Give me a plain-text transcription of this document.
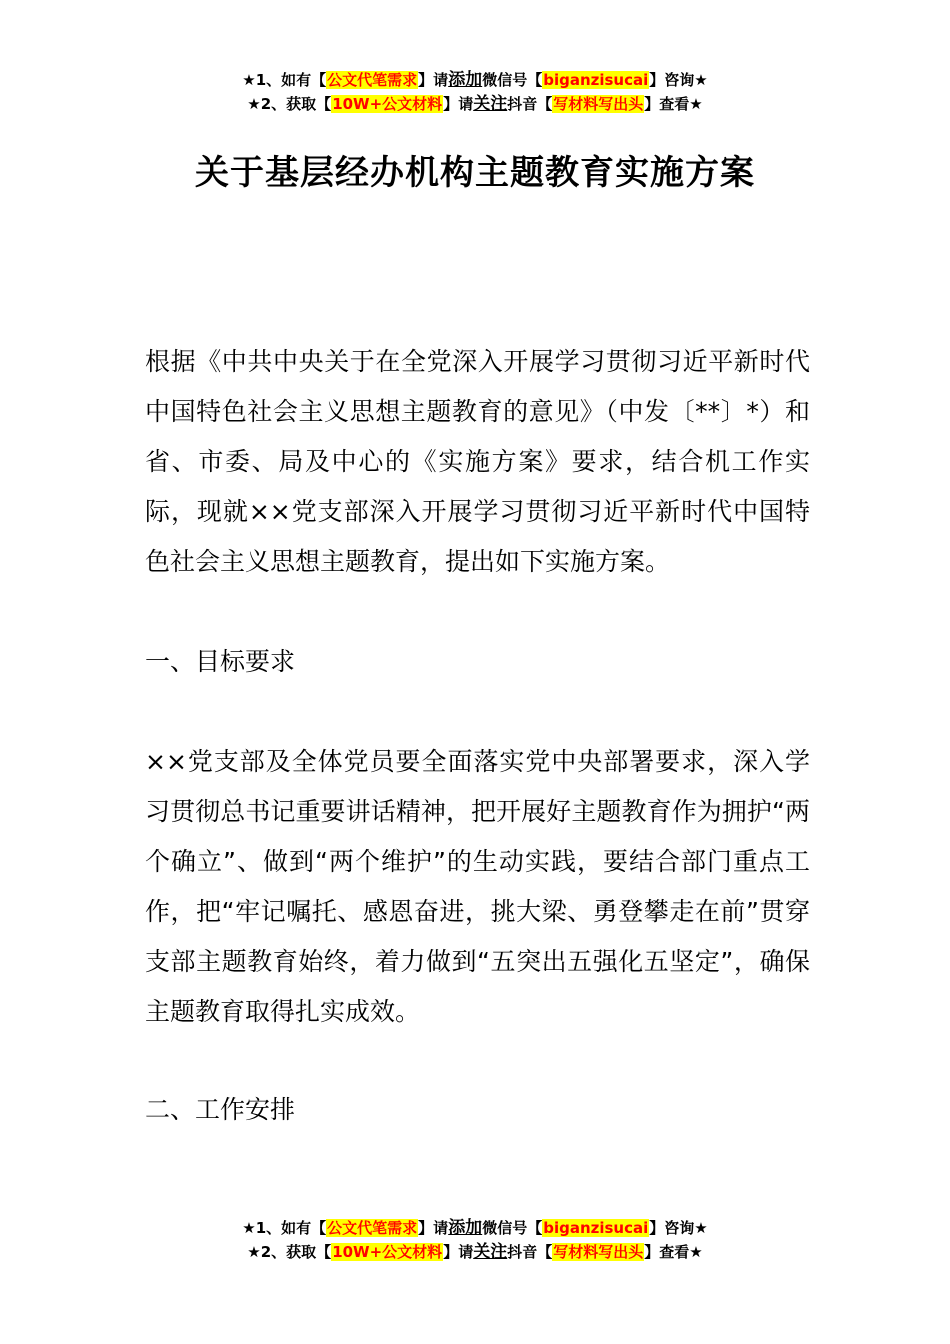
★1、如有【公文代笔需求】请添加微信号【biganzisucai】咨询★
★2、获取【10W+公文材料】请关注抖音【写材料写出头】查看★
关于基层经办机构主题教育实施方案
根据《中共中央关于在全党深入开展学习贯彻习近平新时代中国特色社会主义思想主题教育的意见》（中发〔**〕*）和省、市委、局及中心的《实施方案》要求，结合机工作实际，现就××党支部深入开展学习贯彻习近平新时代中国特色社会主义思想主题教育，提出如下实施方案。
一、目标要求
××党支部及全体党员要全面落实党中央部署要求，深入学习贯彻总书记重要讲话精神，把开展好主题教育作为拥护“两个确立”、做到“两个维护”的生动实践，要结合部门重点工作，把“牢记嘱托、感恩奋进，挑大梁、勇登攀走在前”贯穿支部主题教育始终，着力做到“五突出五强化五坚定”，确保主题教育取得扎实成效。
二、工作安排
★1、如有【公文代笔需求】请添加微信号【biganzisucai】咨询★
★2、获取【10W+公文材料】请关注抖音【写材料写出头】查看★
